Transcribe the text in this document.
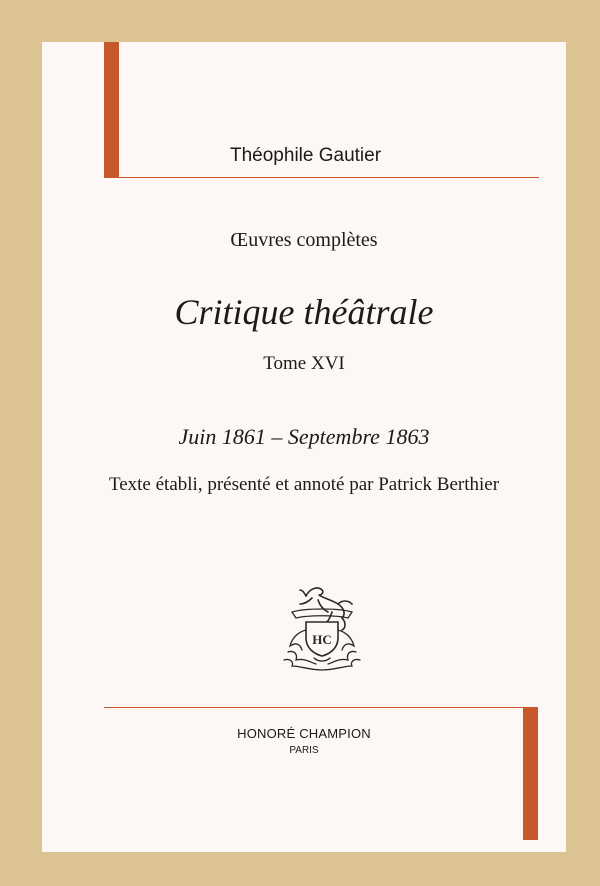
Théophile Gautier
Œuvres complètes
Critique théâtrale
Tome XVI
Juin 1861 – Septembre 1863
Texte établi, présenté et annoté par Patrick Berthier
HC
HONORÉ CHAMPION
PARIS
